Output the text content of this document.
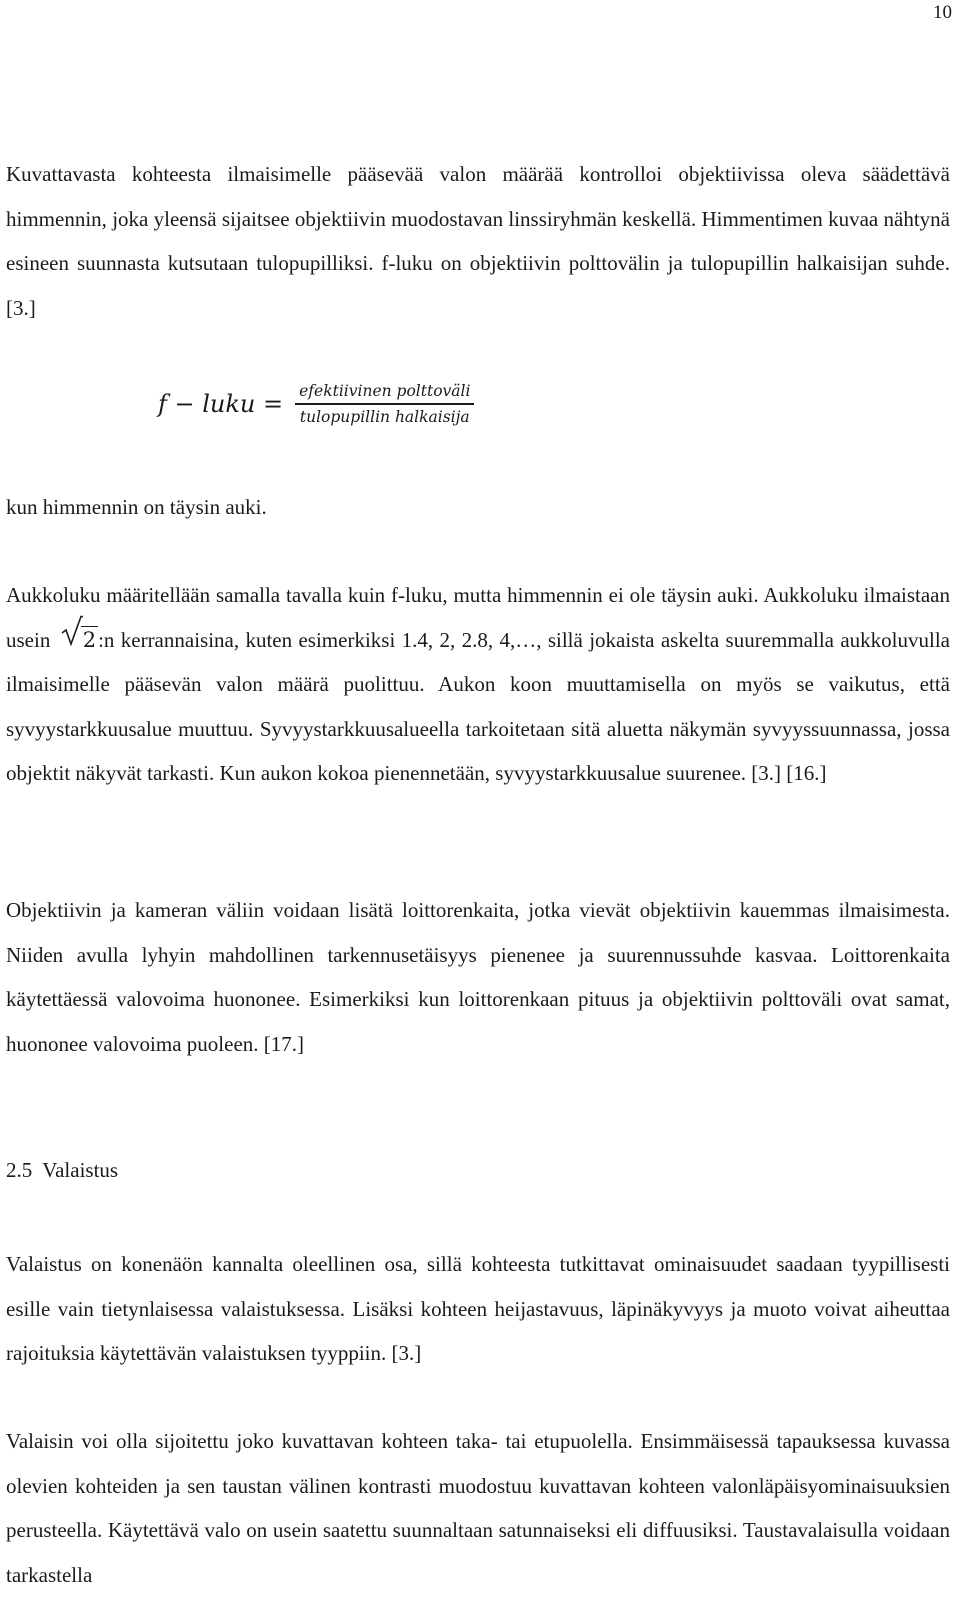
10

Kuvattavasta kohteesta ilmaisimelle pääsevää valon määrää kontrolloi objektiivissa oleva säädettävä himmennin, joka yleensä sijaitsee objektiivin muodostavan linssiryhmän keskellä. Himmentimen kuvaa nähtynä esineen suunnasta kutsutaan tulopupilliksi. f-luku on objektiivin polttovälin ja tulopupillin halkaisijan suhde. [3.]

f − luku = $\frac{\text{efektiivinen polttoväli}}{\text{tulopupillin halkaisija}}$

kun himmennin on täysin auki.

Aukkoluku määritellään samalla tavalla kuin f-luku, mutta himmennin ei ole täysin auki. Aukkoluku ilmaistaan usein 2:n kerrannaisina, kuten esimerkiksi 1.4, 2, 2.8, 4,…, sillä jokaista askelta suuremmalla aukkoluvulla ilmaisimelle pääsevän valon määrä puolittuu. Aukon koon muuttamisella on myös se vaikutus, että syvyystarkkuusalue muuttuu. Syvyystarkkuusalueella tarkoitetaan sitä aluetta näkymän syvyyssuunnassa, jossa objektit näkyvät tarkasti. Kun aukon kokoa pienennetään, syvyystarkkuusalue suurenee. [3.] [16.]

Objektiivin ja kameran väliin voidaan lisätä loittorenkaita, jotka vievät objektiivin kauemmas ilmaisimesta. Niiden avulla lyhyin mahdollinen tarkennusetäisyys pienenee ja suurennussuhde kasvaa. Loittorenkaita käytettäessä valovoima huononee. Esimerkiksi kun loittorenkaan pituus ja objektiivin polttoväli ovat samat, huononee valovoima puoleen. [17.]

2.5 Valaistus

Valaistus on konenäön kannalta oleellinen osa, sillä kohteesta tutkittavat ominaisuudet saadaan tyypillisesti esille vain tietynlaisessa valaistuksessa. Lisäksi kohteen heijastavuus, läpinäkyvyys ja muoto voivat aiheuttaa rajoituksia käytettävän valaistuksen tyyppiin. [3.]

Valaisin voi olla sijoitettu joko kuvattavan kohteen taka- tai etupuolella. Ensimmäisessä tapauksessa kuvassa olevien kohteiden ja sen taustan välinen kontrasti muodostuu kuvattavan kohteen valonläpäisyominaisuuksien perusteella. Käytettävä valo on usein saatettu suunnaltaan satunnaiseksi eli diffuusiksi. Taustavalaisulla voidaan tarkastella
